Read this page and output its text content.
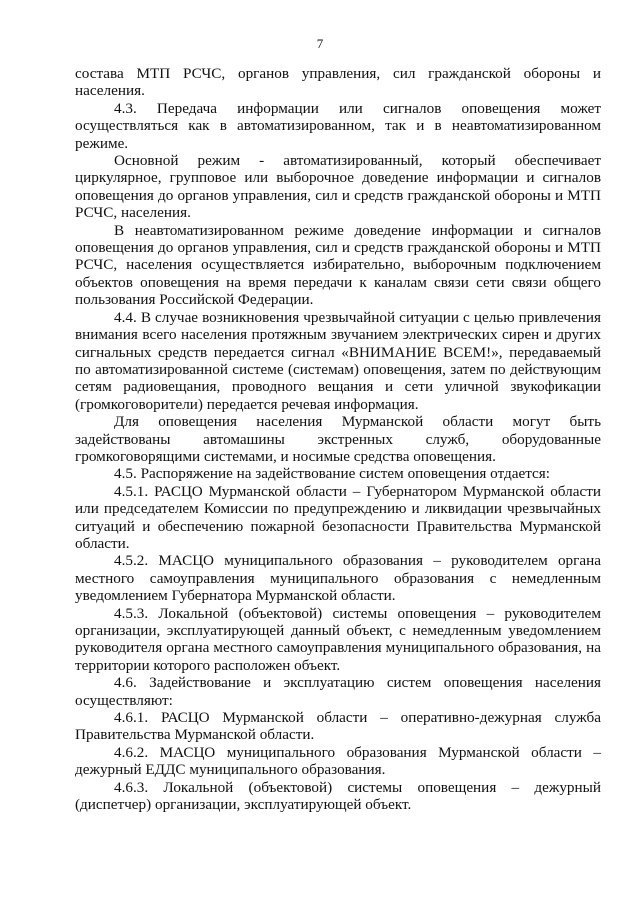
7

состава МТП РСЧС, органов управления, сил гражданской обороны и населения.

4.3. Передача информации или сигналов оповещения может осуществляться как в автоматизированном, так и в неавтоматизированном режиме.

Основной режим - автоматизированный, который обеспечивает циркулярное, групповое или выборочное доведение информации и сигналов оповещения до органов управления, сил и средств гражданской обороны и МТП РСЧС, населения.

В неавтоматизированном режиме доведение информации и сигналов оповещения до органов управления, сил и средств гражданской обороны и МТП РСЧС, населения осуществляется избирательно, выборочным подключением объектов оповещения на время передачи к каналам связи сети связи общего пользования Российской Федерации.

4.4. В случае возникновения чрезвычайной ситуации с целью привлечения внимания всего населения протяжным звучанием электрических сирен и других сигнальных средств передается сигнал «ВНИМАНИЕ ВСЕМ!», передаваемый по автоматизированной системе (системам) оповещения, затем по действующим сетям радиовещания, проводного вещания и сети уличной звукофикации (громкоговорители) передается речевая информация.

Для оповещения населения Мурманской области могут быть задействованы автомашины экстренных служб, оборудованные громкоговорящими системами, и носимые средства оповещения.

4.5. Распоряжение на задействование систем оповещения отдается:

4.5.1. РАСЦО Мурманской области – Губернатором Мурманской области или председателем Комиссии по предупреждению и ликвидации чрезвычайных ситуаций и обеспечению пожарной безопасности Правительства Мурманской области.

4.5.2. МАСЦО муниципального образования – руководителем органа местного самоуправления муниципального образования с немедленным уведомлением Губернатора Мурманской области.

4.5.3. Локальной (объектовой) системы оповещения – руководителем организации, эксплуатирующей данный объект, с немедленным уведомлением руководителя органа местного самоуправления муниципального образования, на территории которого расположен объект.

4.6. Задействование и эксплуатацию систем оповещения населения осуществляют:

4.6.1. РАСЦО Мурманской области – оперативно-дежурная служба Правительства Мурманской области.

4.6.2. МАСЦО муниципального образования Мурманской области – дежурный ЕДДС муниципального образования.

4.6.3. Локальной (объектовой) системы оповещения – дежурный (диспетчер) организации, эксплуатирующей объект.
